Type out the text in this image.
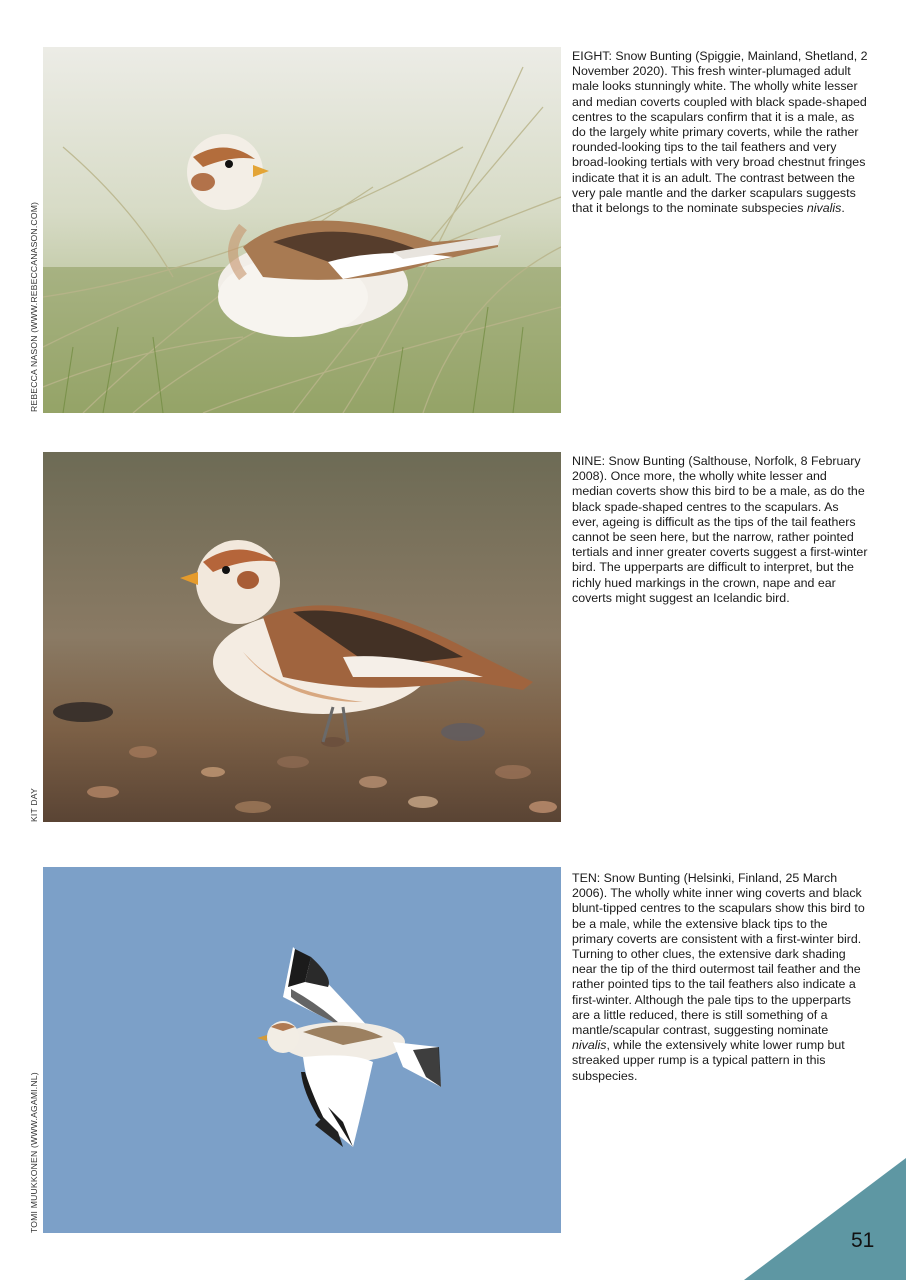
REBECCA NASON (WWW.REBECCANASON.COM)
KIT DAY
TOMI MUUKKONEN (WWW.AGAMI.NL)
EIGHT: Snow Bunting (Spiggie, Mainland, Shetland, 2 November 2020). This fresh winter-plumaged adult male looks stunningly white. The wholly white lesser and median coverts coupled with black spade-shaped centres to the scapulars confirm that it is a male, as do the largely white primary coverts, while the rather rounded-looking tips to the tail feathers and very broad-looking tertials with very broad chestnut fringes indicate that it is an adult. The contrast between the very pale mantle and the darker scapulars suggests that it belongs to the nominate subspecies nivalis.
NINE: Snow Bunting (Salthouse, Norfolk, 8 February 2008). Once more, the wholly white lesser and median coverts show this bird to be a male, as do the black spade-shaped centres to the scapulars. As ever, ageing is difficult as the tips of the tail feathers cannot be seen here, but the narrow, rather pointed tertials and inner greater coverts suggest a first-winter bird. The upperparts are difficult to interpret, but the richly hued markings in the crown, nape and ear coverts might suggest an Icelandic bird.
TEN: Snow Bunting (Helsinki, Finland, 25 March 2006). The wholly white inner wing coverts and black blunt-tipped centres to the scapulars show this bird to be a male, while the extensive black tips to the primary coverts are consistent with a first-winter bird. Turning to other clues, the extensive dark shading near the tip of the third outermost tail feather and the rather pointed tips to the tail feathers also indicate a first-winter. Although the pale tips to the upperparts are a little reduced, there is still something of a mantle/scapular contrast, suggesting nominate nivalis, while the extensively white lower rump but streaked upper rump is a typical pattern in this subspecies.
51
